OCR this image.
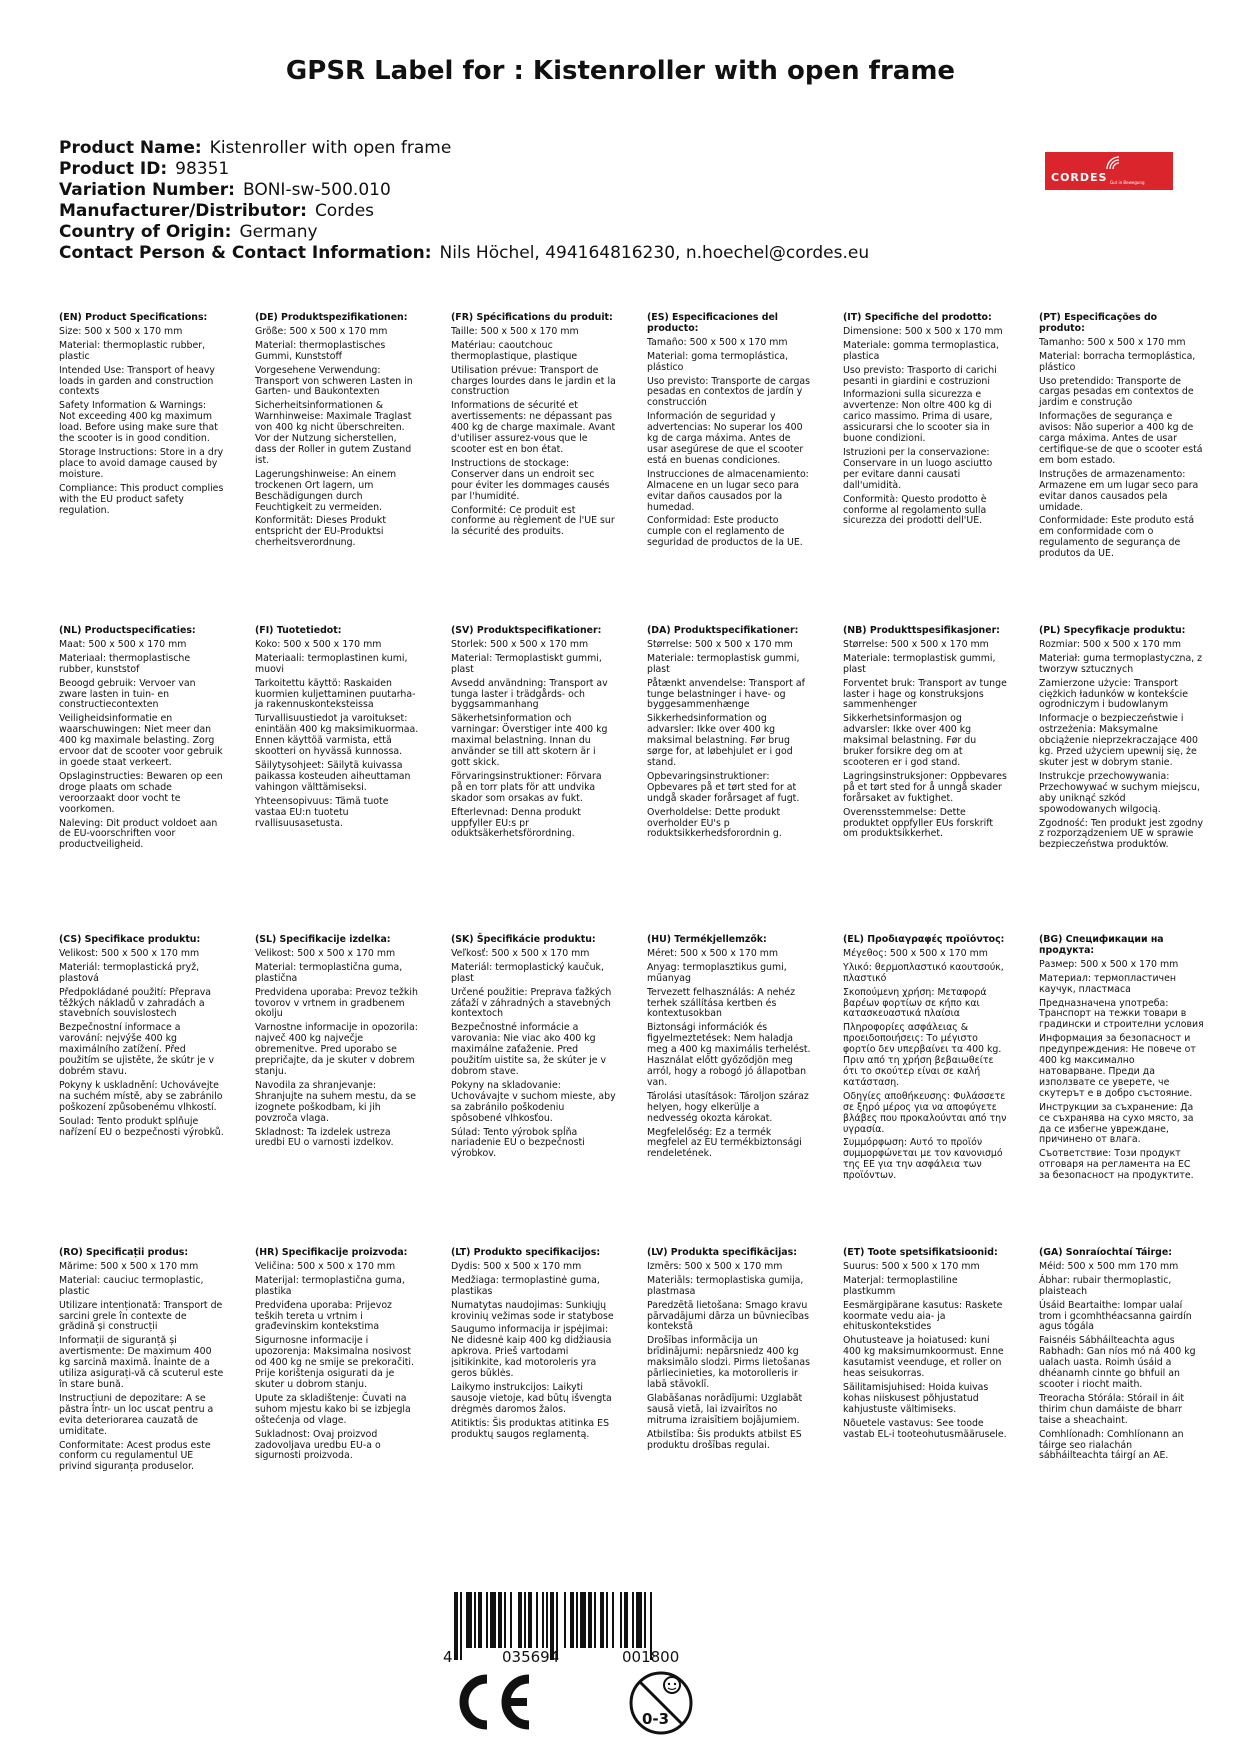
GPSR Label for : Kistenroller with open frame
Product Name: Kistenroller with open frame
Product ID: 98351
Variation Number: BONI-sw-500.010
Manufacturer/Distributor: Cordes
Country of Origin: Germany
Contact Person & Contact Information: Nils Höchel, 494164816230, n.hoechel@cordes.eu
CORDES Gut in Bewegung

(EN) Product Specifications:

Size: 500 x 500 x 170 mm

Material: thermoplastic rubber, plastic

Intended Use: Transport of heavy loads in garden and construction contexts

Safety Information & Warnings: Not exceeding 400 kg maximum load. Before using make sure that the scooter is in good condition.

Storage Instructions: Store in a dry place to avoid damage caused by moisture.

Compliance: This product complies with the EU product safety regulation.

(DE) Produktspezifikationen:

Größe: 500 x 500 x 170 mm

Material: thermoplastisches Gummi, Kunststoff

Vorgesehene Verwendung: Transport von schweren Lasten in Garten- und Baukontexten

Sicherheitsinformationen & Warnhinweise: Maximale Traglast von 400 kg nicht überschreiten. Vor der Nutzung sicherstellen, dass der Roller in gutem Zustand ist.

Lagerungshinweise: An einem trockenen Ort lagern, um Beschädigungen durch Feuchtigkeit zu vermeiden.

Konformität: Dieses Produkt entspricht der EU-Produktsi cherheitsverordnung.

(FR) Spécifications du produit:

Taille: 500 x 500 x 170 mm

Matériau: caoutchouc thermoplastique, plastique

Utilisation prévue: Transport de charges lourdes dans le jardin et la construction

Informations de sécurité et avertissements: ne dépassant pas 400 kg de charge maximale. Avant d'utiliser assurez-vous que le scooter est en bon état.

Instructions de stockage: Conserver dans un endroit sec pour éviter les dommages causés par l'humidité.

Conformité: Ce produit est conforme au règlement de l'UE sur la sécurité des produits.

(ES) Especificaciones del producto:

Tamaño: 500 x 500 x 170 mm

Material: goma termoplástica, plástico

Uso previsto: Transporte de cargas pesadas en contextos de jardín y construcción

Información de seguridad y advertencias: No superar los 400 kg de carga máxima. Antes de usar asegúrese de que el scooter está en buenas condiciones.

Instrucciones de almacenamiento: Almacene en un lugar seco para evitar daños causados por la humedad.

Conformidad: Este producto cumple con el reglamento de seguridad de productos de la UE.

(IT) Specifiche del prodotto:

Dimensione: 500 x 500 x 170 mm

Materiale: gomma termoplastica, plastica

Uso previsto: Trasporto di carichi pesanti in giardini e costruzioni

Informazioni sulla sicurezza e avvertenze: Non oltre 400 kg di carico massimo. Prima di usare, assicurarsi che lo scooter sia in buone condizioni.

Istruzioni per la conservazione: Conservare in un luogo asciutto per evitare danni causati dall'umidità.

Conformità: Questo prodotto è conforme al regolamento sulla sicurezza dei prodotti dell'UE.

(PT) Especificações do produto:

Tamanho: 500 x 500 x 170 mm

Material: borracha termoplástica, plástico

Uso pretendido: Transporte de cargas pesadas em contextos de jardim e construção

Informações de segurança e avisos: Não superior a 400 kg de carga máxima. Antes de usar certifique-se de que o scooter está em bom estado.

Instruções de armazenamento: Armazene em um lugar seco para evitar danos causados pela umidade.

Conformidade: Este produto está em conformidade com o regulamento de segurança de produtos da UE.

(NL) Productspecificaties:

Maat: 500 x 500 x 170 mm

Materiaal: thermoplastische rubber, kunststof

Beoogd gebruik: Vervoer van zware lasten in tuin- en constructiecontexten

Veiligheidsinformatie en waarschuwingen: Niet meer dan 400 kg maximale belasting. Zorg ervoor dat de scooter voor gebruik in goede staat verkeert.

Opslaginstructies: Bewaren op een droge plaats om schade veroorzaakt door vocht te voorkomen.

Naleving: Dit product voldoet aan de EU-voorschriften voor productveiligheid.

(FI) Tuotetiedot:

Koko: 500 x 500 x 170 mm

Materiaali: termoplastinen kumi, muovi

Tarkoitettu käyttö: Raskaiden kuormien kuljettaminen puutarha- ja rakennuskonteksteissa

Turvallisuustiedot ja varoitukset: enintään 400 kg maksimikuormaa. Ennen käyttöä varmista, että skootteri on hyvässä kunnossa.

Säilytysohjeet: Säilytä kuivassa paikassa kosteuden aiheuttaman vahingon välttämiseksi.

Yhteensopivuus: Tämä tuote vastaa EU:n tuotetu rvallisuusasetusta.

(SV) Produktspecifikationer:

Storlek: 500 x 500 x 170 mm

Material: Termoplastiskt gummi, plast

Avsedd användning: Transport av tunga laster i trädgårds- och byggsammanhang

Säkerhetsinformation och varningar: Överstiger inte 400 kg maximal belastning. Innan du använder se till att skotern är i gott skick.

Förvaringsinstruktioner: Förvara på en torr plats för att undvika skador som orsakas av fukt.

Efterlevnad: Denna produkt uppfyller EU:s pr oduktsäkerhetsförordning.

(DA) Produktspecifikationer:

Størrelse: 500 x 500 x 170 mm

Materiale: termoplastisk gummi, plast

Påtænkt anvendelse: Transport af tunge belastninger i have- og byggesammenhænge

Sikkerhedsinformation og advarsler: Ikke over 400 kg maksimal belastning. Før brug sørge for, at løbehjulet er i god stand.

Opbevaringsinstruktioner: Opbevares på et tørt sted for at undgå skader forårsaget af fugt.

Overholdelse: Dette produkt overholder EU's p roduktsikkerhedsforordnin g.

(NB) Produkttspesifikasjoner:

Størrelse: 500 x 500 x 170 mm

Materiale: termoplastisk gummi, plast

Forventet bruk: Transport av tunge laster i hage og konstruksjons sammenhenger

Sikkerhetsinformasjon og advarsler: Ikke over 400 kg maksimal belastning. Før du bruker forsikre deg om at scooteren er i god stand.

Lagringsinstruksjoner: Oppbevares på et tørt sted for å unngå skader forårsaket av fuktighet.

Overensstemmelse: Dette produktet oppfyller EUs forskrift om produktsikkerhet.

(PL) Specyfikacje produktu:

Rozmiar: 500 x 500 x 170 mm

Materiał: guma termoplastyczna, z tworzyw sztucznych

Zamierzone użycie: Transport ciężkich ładunków w kontekście ogrodniczym i budowlanym

Informacje o bezpieczeństwie i ostrzeżenia: Maksymalne obciążenie nieprzekraczające 400 kg. Przed użyciem upewnij się, że skuter jest w dobrym stanie.

Instrukcje przechowywania: Przechowywać w suchym miejscu, aby uniknąć szkód spowodowanych wilgocią.

Zgodność: Ten produkt jest zgodny z rozporządzeniem UE w sprawie bezpieczeństwa produktów.

(CS) Specifikace produktu:

Velikost: 500 x 500 x 170 mm

Materiál: termoplastická pryž, plastová

Předpokládané použití: Přeprava těžkých nákladů v zahradách a stavebních souvislostech

Bezpečnostní informace a varování: nejvýše 400 kg maximálního zatížení. Před použitím se ujistěte, že skútr je v dobrém stavu.

Pokyny k uskladnění: Uchovávejte na suchém místě, aby se zabránilo poškození způsobenému vlhkostí.

Soulad: Tento produkt splňuje nařízení EU o bezpečnosti výrobků.

(SL) Specifikacije izdelka:

Velikost: 500 x 500 x 170 mm

Material: termoplastična guma, plastična

Predvidena uporaba: Prevoz težkih tovorov v vrtnem in gradbenem okolju

Varnostne informacije in opozorila: največ 400 kg največje obremenitve. Pred uporabo se prepričajte, da je skuter v dobrem stanju.

Navodila za shranjevanje: Shranjujte na suhem mestu, da se izognete poškodbam, ki jih povzroča vlaga.

Skladnost: Ta izdelek ustreza uredbi EU o varnosti izdelkov.

(SK) Špecifikácie produktu:

Veľkosť: 500 x 500 x 170 mm

Materiál: termoplastický kaučuk, plast

Určené použitie: Preprava ťažkých záťaží v záhradných a stavebných kontextoch

Bezpečnostné informácie a varovania: Nie viac ako 400 kg maximálne zaťaženie. Pred použitím uistite sa, že skúter je v dobrom stave.

Pokyny na skladovanie: Uchovávajte v suchom mieste, aby sa zabránilo poškodeniu spôsobené vlhkosťou.

Súlad: Tento výrobok spĺňa nariadenie EÚ o bezpečnosti výrobkov.

(HU) Termékjellemzők:

Méret: 500 x 500 x 170 mm

Anyag: termoplasztikus gumi, műanyag

Tervezett felhasználás: A nehéz terhek szállítása kertben és kontextusokban

Biztonsági információk és figyelmeztetések: Nem haladja meg a 400 kg maximális terhelést. Használat előtt győződjön meg arról, hogy a robogó jó állapotban van.

Tárolási utasítások: Tároljon száraz helyen, hogy elkerülje a nedvesség okozta károkat.

Megfelelőség: Ez a termék megfelel az EU termékbiztonsági rendeletének.

(EL) Προδιαγραφές προϊόντος:

Μέγεθος: 500 x 500 x 170 mm

Υλικό: θερμοπλαστικό καουτσούκ, πλαστικό

Σκοπούμενη χρήση: Μεταφορά βαρέων φορτίων σε κήπο και κατασκευαστικά πλαίσια

Πληροφορίες ασφάλειας & προειδοποιήσεις: Το μέγιστο φορτίο δεν υπερβαίνει τα 400 kg. Πριν από τη χρήση βεβαιωθείτε ότι το σκούτερ είναι σε καλή κατάσταση.

Οδηγίες αποθήκευσης: Φυλάσσετε σε ξηρό μέρος για να αποφύγετε βλάβες που προκαλούνται από την υγρασία.

Συμμόρφωση: Αυτό το προϊόν συμμορφώνεται με τον κανονισμό της ΕΕ για την ασφάλεια των προϊόντων.

(BG) Спецификации на продукта:

Размер: 500 x 500 x 170 mm

Материал: термопластичен каучук, пластмаса

Предназначена употреба: Транспорт на тежки товари в градински и строителни условия

Информация за безопасност и предупреждения: Не повече от 400 kg максимално натоварване. Преди да използвате се уверете, че скутерът е в добро състояние.

Инструкции за съхранение: Да се съхранява на сухо място, за да се избегне увреждане, причинено от влага.

Съответствие: Този продукт отговаря на регламента на ЕС за безопасност на продуктите.

(RO) Specificații produs:

Mărime: 500 x 500 x 170 mm

Material: cauciuc termoplastic, plastic

Utilizare intenționată: Transport de sarcini grele în contexte de grădină și construcții

Informații de siguranță și avertismente: De maximum 400 kg sarcină maximă. Înainte de a utiliza asigurați-vă că scuterul este în stare bună.

Instrucțiuni de depozitare: A se păstra într- un loc uscat pentru a evita deteriorarea cauzată de umiditate.

Conformitate: Acest produs este conform cu regulamentul UE privind siguranța produselor.

(HR) Specifikacije proizvoda:

Veličina: 500 x 500 x 170 mm

Materijal: termoplastična guma, plastika

Predviđena uporaba: Prijevoz teških tereta u vrtnim i građevinskim kontekstima

Sigurnosne informacije i upozorenja: Maksimalna nosivost od 400 kg ne smije se prekoračiti. Prije korištenja osigurati da je skuter u dobrom stanju.

Upute za skladištenje: Čuvati na suhom mjestu kako bi se izbjegla oštećenja od vlage.

Sukladnost: Ovaj proizvod zadovoljava uredbu EU-a o sigurnosti proizvoda.

(LT) Produkto specifikacijos:

Dydis: 500 x 500 x 170 mm

Medžiaga: termoplastinė guma, plastikas

Numatytas naudojimas: Sunkiųjų krovinių vežimas sode ir statybose

Saugumo informacija ir įspėjimai: Ne didesnė kaip 400 kg didžiausia apkrova. Prieš vartodami įsitikinkite, kad motoroleris yra geros būklės.

Laikymo instrukcijos: Laikyti sausoje vietoje, kad būtų išvengta drėgmės daromos žalos.

Atitiktis: Šis produktas atitinka ES produktų saugos reglamentą.

(LV) Produkta specifikācijas:

Izmērs: 500 x 500 x 170 mm

Materiāls: termoplastiska gumija, plastmasa

Paredzētā lietošana: Smago kravu pārvadājumi dārza un būvniecības kontekstā

Drošības informācija un brīdinājumi: nepārsniedz 400 kg maksimālo slodzi. Pirms lietošanas pārliecinieties, ka motorolleris ir labā stāvoklī.

Glabāšanas norādījumi: Uzglabāt sausā vietā, lai izvairītos no mitruma izraisītiem bojājumiem.

Atbilstība: Šis produkts atbilst ES produktu drošības regulai.

(ET) Toote spetsifikatsioonid:

Suurus: 500 x 500 x 170 mm

Materjal: termoplastiline plastkumm

Eesmärgipärane kasutus: Raskete koormate vedu aia- ja ehituskontekstides

Ohutusteave ja hoiatused: kuni 400 kg maksimumkoormust. Enne kasutamist veenduge, et roller on heas seisukorras.

Säilitamisjuhised: Hoida kuivas kohas niiskusest põhjustatud kahjustuste vältimiseks.

Nõuetele vastavus: See toode vastab EL-i tooteohutusmäärusele.

(GA) Sonraíochtaí Táirge:

Méid: 500 x 500 mm 170 mm

Ábhar: rubair thermoplastic, plaisteach

Úsáid Beartaithe: Iompar ualaí trom i gcomhthéacsanna gairdín agus tógála

Faisnéis Sábháilteachta agus Rabhadh: Gan níos mó ná 400 kg ualach uasta. Roimh úsáid a dhéanamh cinnte go bhfuil an scooter i riocht maith.

Treoracha Stórála: Stórail in áit thirim chun damáiste de bharr taise a sheachaint.

Comhlíonadh: Comhlíonann an táirge seo rialachán sábháilteachta táirgí an AE.

4	035694	001800
0-3
